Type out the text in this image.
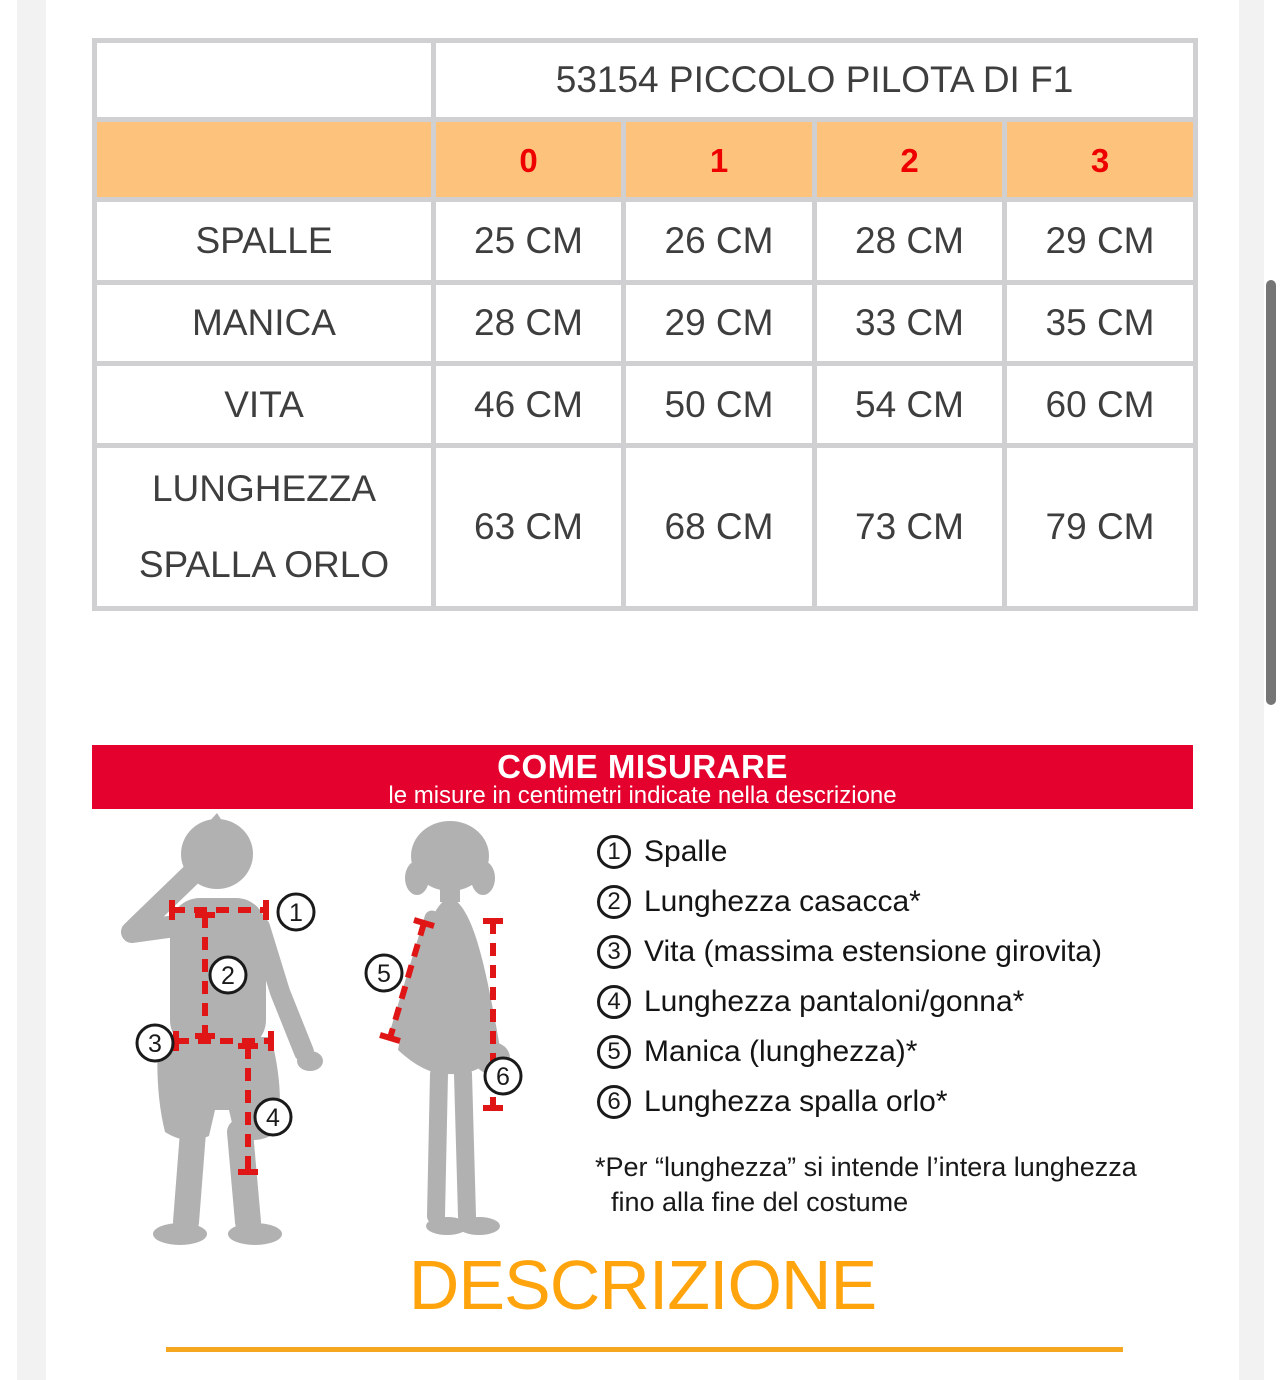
	53154 PICCOLO PILOTA DI F1			
	0	1	2	3
SPALLE	25 CM	26 CM	28 CM	29 CM
MANICA	28 CM	29 CM	33 CM	35 CM
VITA	46 CM	50 CM	54 CM	60 CM
LUNGHEZZA SPALLA ORLO	63 CM	68 CM	73 CM	79 CM
COME MISURARE
le misure in centimetri indicate nella descrizione
1
2
3
4
5
6
1 Spalle
2 Lunghezza casacca*
3 Vita (massima estensione girovita)
4 Lunghezza pantaloni/gonna*
5 Manica (lunghezza)*
6 Lunghezza spalla orlo*
*Per “lunghezza” si intende l’intera lunghezza
fino alla fine del costume
DESCRIZIONE
